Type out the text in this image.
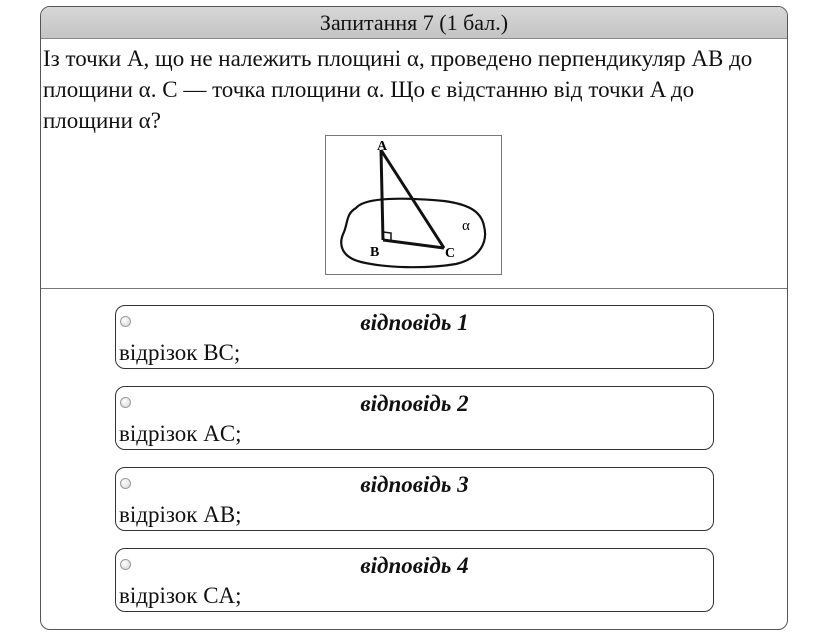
Запитання 7 (1 бал.)
Із точки A, що не належить площині α, проведено перпендикуляр AB до площини α. C — точка площини α. Що є відстанню від точки A до площини α?
A
B	C
α
відповідь 1
відрізок BC;
відповідь 2
відрізок AC;
відповідь 3
відрізок AB;
відповідь 4
відрізок CA;
